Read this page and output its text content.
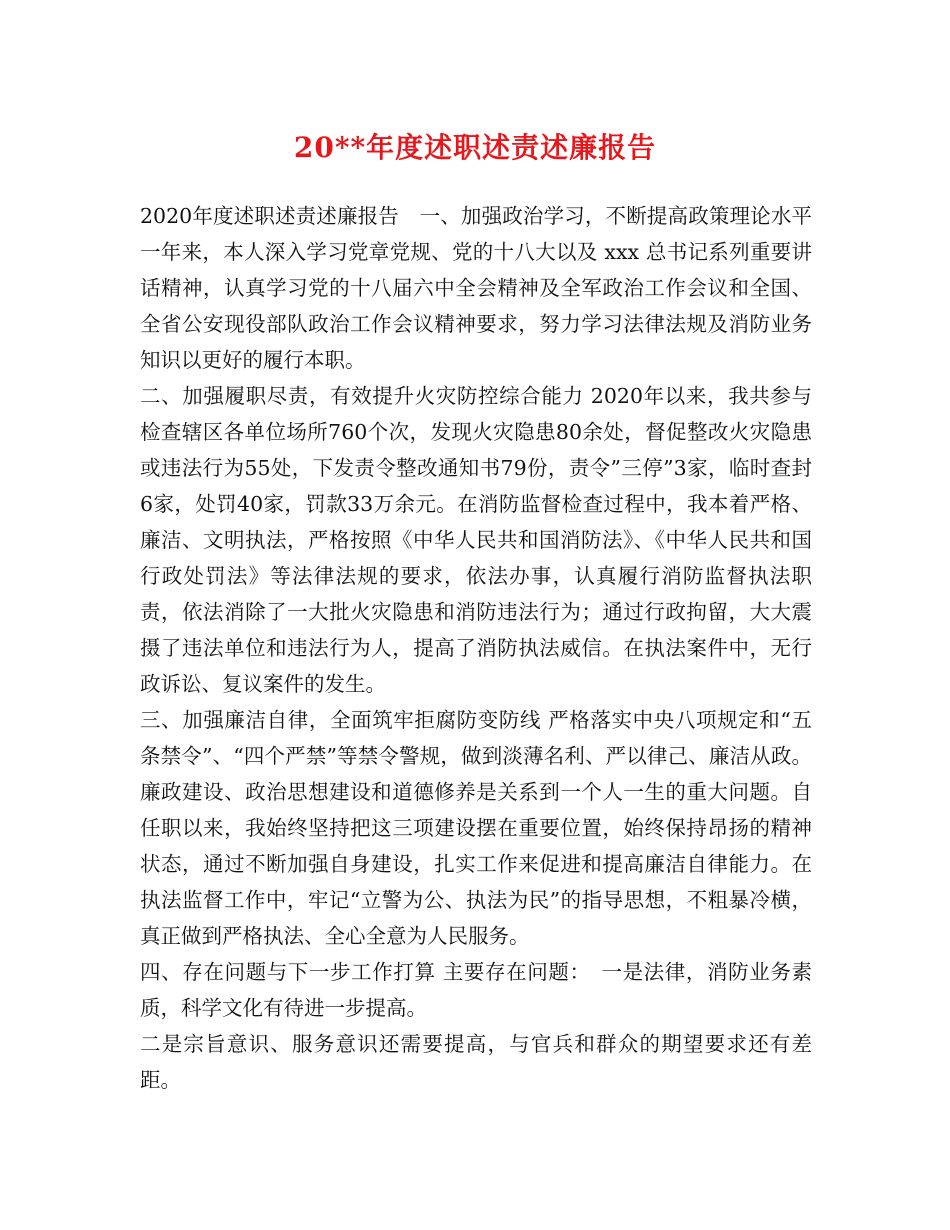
20**年度述职述责述廉报告

2020年度述职述责述廉报告　一、加强政治学习，不断提高政策理论水平 一年来，本人深入学习党章党规、党的十八大以及 xxx 总书记系列重要讲话精神，认真学习党的十八届六中全会精神及全军政治工作会议和全国、全省公安现役部队政治工作会议精神要求，努力学习法律法规及消防业务知识以更好的履行本职。

二、加强履职尽责，有效提升火灾防控综合能力 2020年以来，我共参与检查辖区各单位场所760个次，发现火灾隐患80余处，督促整改火灾隐患或违法行为55处，下发责令整改通知书79份，责令”三停”3家，临时查封6家，处罚40家，罚款33万余元。在消防监督检查过程中，我本着严格、廉洁、文明执法，严格按照《中华人民共和国消防法》、《中华人民共和国行政处罚法》等法律法规的要求，依法办事，认真履行消防监督执法职责，依法消除了一大批火灾隐患和消防违法行为；通过行政拘留，大大震摄了违法单位和违法行为人，提高了消防执法威信。在执法案件中，无行政诉讼、复议案件的发生。

三、加强廉洁自律，全面筑牢拒腐防变防线 严格落实中央八项规定和“五条禁令”、“四个严禁”等禁令警规，做到淡薄名利、严以律己、廉洁从政。廉政建设、政治思想建设和道德修养是关系到一个人一生的重大问题。自任职以来，我始终坚持把这三项建设摆在重要位置，始终保持昂扬的精神状态，通过不断加强自身建设，扎实工作来促进和提高廉洁自律能力。在执法监督工作中，牢记“立警为公、执法为民”的指导思想，不粗暴冷横，真正做到严格执法、全心全意为人民服务。

四、存在问题与下一步工作打算 主要存在问题：　一是法律，消防业务素质，科学文化有待进一步提高。

二是宗旨意识、服务意识还需要提高，与官兵和群众的期望要求还有差距。
